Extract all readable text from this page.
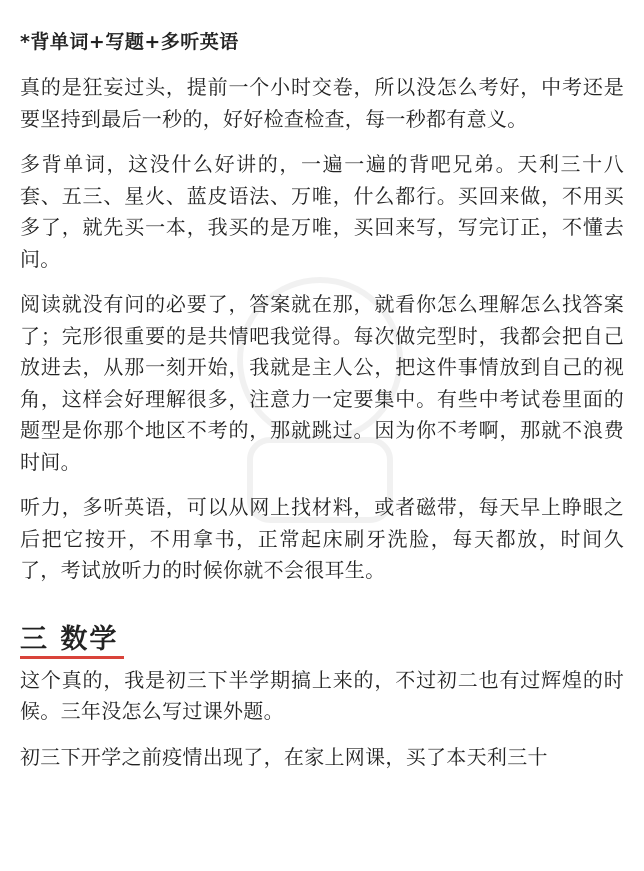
*背单词+写题+多听英语

真的是狂妄过头，提前一个小时交卷，所以没怎么考好，中考还是要坚持到最后一秒的，好好检查检查，每一秒都有意义。

多背单词，这没什么好讲的，一遍一遍的背吧兄弟。天利三十八套、五三、星火、蓝皮语法、万唯，什么都行。买回来做，不用买多了，就先买一本，我买的是万唯，买回来写，写完订正，不懂去问。

阅读就没有问的必要了，答案就在那，就看你怎么理解怎么找答案了；完形很重要的是共情吧我觉得。每次做完型时，我都会把自己放进去，从那一刻开始，我就是主人公，把这件事情放到自己的视角，这样会好理解很多，注意力一定要集中。有些中考试卷里面的题型是你那个地区不考的，那就跳过。因为你不考啊，那就不浪费时间。

听力，多听英语，可以从网上找材料，或者磁带，每天早上睁眼之后把它按开，不用拿书，正常起床刷牙洗脸，每天都放，时间久了，考试放听力的时候你就不会很耳生。

三 数学

这个真的，我是初三下半学期搞上来的，不过初二也有过辉煌的时候。三年没怎么写过课外题。

初三下开学之前疫情出现了，在家上网课，买了本天利三十
